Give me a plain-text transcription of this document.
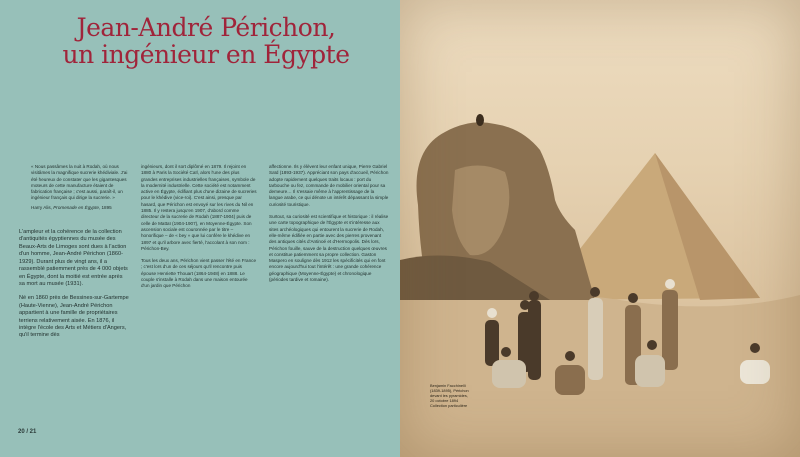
Jean-André Périchon,
un ingénieur en Égypte

« Nous passâmes la nuit à Rodah, où nous visitâmes la magnifique sucrerie khédiviale. J'ai été heureux de constater que les gigantesques moteurs de cette manufacture étaient de fabrication française ; c'est aussi, paraît-il, un ingénieur français qui dirige la sucrerie. »

Harry Alis, Promenade en Égypte, 1895

L'ampleur et la cohérence de la collection d'antiquités égyptiennes du musée des Beaux-Arts de Limoges sont dues à l'action d'un homme, Jean-André Périchon (1860-1929). Durant plus de vingt ans, il a rassemblé patiemment près de 4 000 objets en Égypte, dont la moitié est entrée après sa mort au musée (1931).

Né en 1860 près de Bessines-sur-Gartempe (Haute-Vienne), Jean-André Périchon appartient à une famille de propriétaires terriens relativement aisée. En 1876, il intègre l'école des Arts et Métiers d'Angers, qu'il termine dès

ingénieurs, dont il sort diplômé en 1879. Il rejoint en 1880 à Paris la Société Caïl, alors l'une des plus grandes entreprises industrielles françaises, symbole de la modernité industrielle. Cette société est notamment active en Égypte, édifiant plus d'une dizaine de sucreries pour le khédive (vice-roi). C'est ainsi, presque par hasard, que Périchon est envoyé sur les rives du Nil en 1885. Il y restera jusqu'en 1907, d'abord comme directeur de la sucrerie de Rodah (1887-1904) puis de celle de Mattaï (1904-1907), en Moyenne-Égypte. Son ascension sociale est couronnée par le titre – honorifique – de « bey » que lui confère le khédive en 1897 et qu'il arbore avec fierté, l'accolant à son nom : Périchon-Bey.

Tous les deux ans, Périchon vient passer l'été en France ; c'est lors d'un de ces séjours qu'il rencontre puis épouse Henriette Thouart (1864-1948) en 1888. Le couple s'installe à Rodah dans une maison entourée d'un jardin que Périchon

affectionne. Ils y élèvent leur enfant unique, Pierre Gabriel Saïd (1893-1937). Appréciant son pays d'accueil, Périchon adopte rapidement quelques traits locaux : port du tarbouche ou fez, commande de mobilier oriental pour sa demeure… Il s'essaie même à l'apprentissage de la langue arabe, ce qui dénote un intérêt dépassant la simple curiosité touristique.

Surtout, sa curiosité est scientifique et historique : il réalise une carte topographique de l'Égypte et s'intéresse aux sites archéologiques qui entourent la sucrerie de Rodah, elle-même édifiée en partie avec des pierres provenant des antiques cités d'Antinoé et d'Hermopolis. Dès lors, Périchon fouille, sauve de la destruction quelques œuvres et constitue patiemment sa propre collection. Gaston Maspero en souligne dès 1912 les spécificités qui en font encore aujourd'hui tout l'intérêt : une grande cohérence géographique (Moyenne-Égypte) et chronologique (périodes tardive et romaine).

20 / 21
Benjamin Facchinelli
(1839-1895), Périchon
devant les pyramides,
20 octobre 1894
Collection particulière
